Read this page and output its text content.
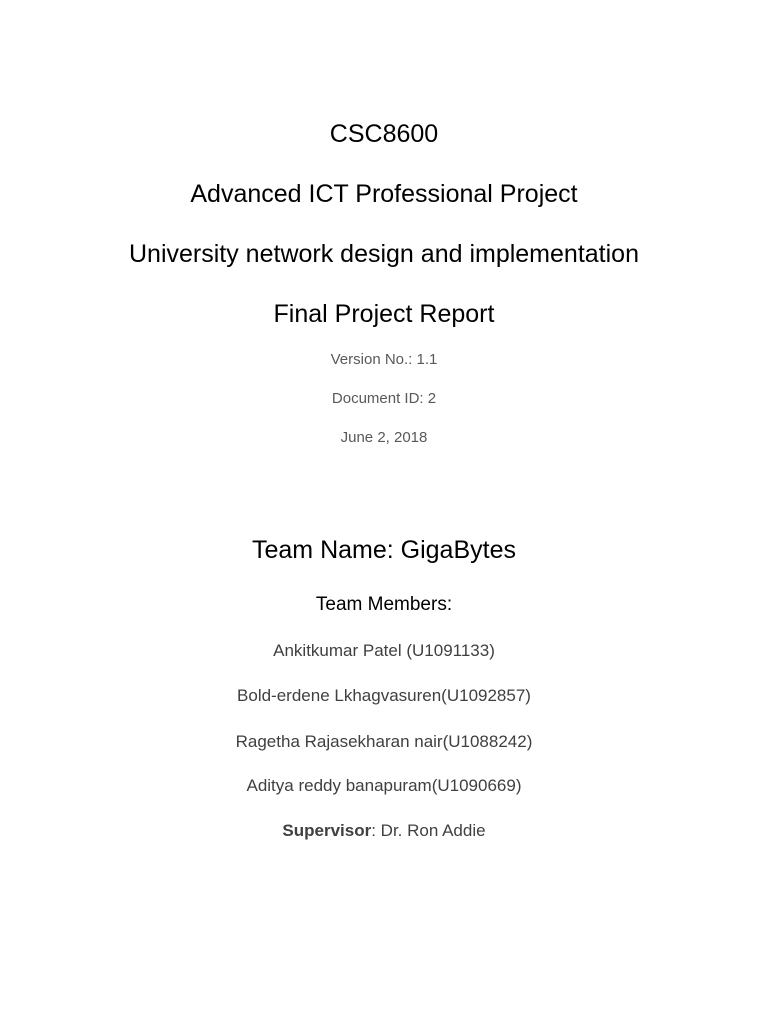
CSC8600
Advanced ICT Professional Project
University network design and implementation
Final Project Report
Version No.: 1.1
Document ID: 2
June 2, 2018
Team Name: GigaBytes
Team Members:
Ankitkumar Patel (U1091133)
Bold-erdene Lkhagvasuren(U1092857)
Ragetha Rajasekharan nair(U1088242)
Aditya reddy banapuram(U1090669)
Supervisor: Dr. Ron Addie
